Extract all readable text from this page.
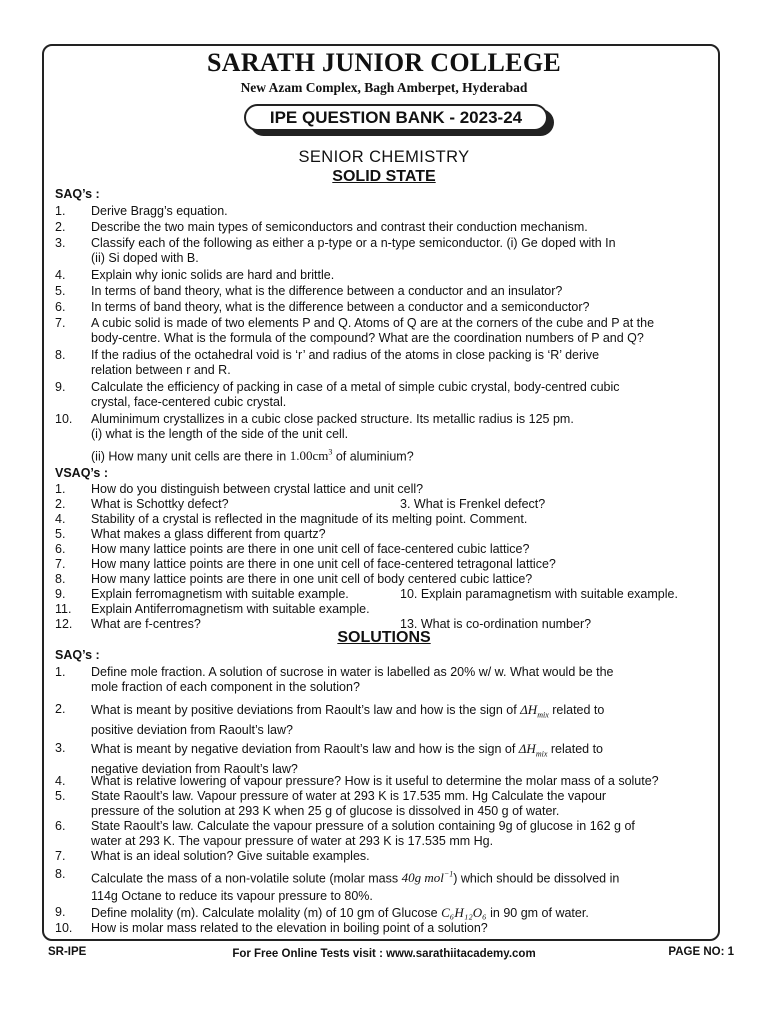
SARATH JUNIOR COLLEGE
New Azam Complex, Bagh Amberpet, Hyderabad
IPE QUESTION BANK - 2023-24
SENIOR CHEMISTRY
SOLID STATE
SAQ’s :
1. Derive Bragg’s equation.
2. Describe the two main types of semiconductors and contrast their conduction mechanism.
3. Classify each of the following as either a p-type or a n-type semiconductor. (i) Ge doped with In
(ii) Si doped with B.
4. Explain why ionic solids are hard and brittle.
5. In terms of band theory, what is the difference between a conductor and an insulator?
6. In terms of band theory, what is the difference between a conductor and a semiconductor?
7. A cubic solid is made of two elements P and Q. Atoms of Q are at the corners of the cube and P at the
body-centre. What is the formula of the compound? What are the coordination numbers of P and Q?
8. If the radius of the octahedral void is ‘r’ and radius of the atoms in close packing is ‘R’ derive
relation between r and R.
9. Calculate the efficiency of packing in case of a metal of simple cubic crystal, body-centred cubic
crystal, face-centered cubic crystal.
10. Aluminimum crystallizes in a cubic close packed structure. Its metallic radius is 125 pm.
(i) what is the length of the side of the unit cell.
(ii) How many unit cells are there in $1.00cm^3$ of aluminium?
VSAQ’s :
1. How do you distinguish between crystal lattice and unit cell?
2. What is Schottky defect?	3. What is Frenkel defect?
4. Stability of a crystal is reflected in the magnitude of its melting point. Comment.
5. What makes a glass different from quartz?
6. How many lattice points are there in one unit cell of face-centered cubic lattice?
7. How many lattice points are there in one unit cell of face-centered tetragonal lattice?
8. How many lattice points are there in one unit cell of body centered cubic lattice?
9. Explain ferromagnetism with suitable example.	10. Explain paramagnetism with suitable example.
11. Explain Antiferromagnetism with suitable example.
12. What are f-centres?	13. What is co-ordination number?
SOLUTIONS
SAQ’s :
1. Define mole fraction. A solution of sucrose in water is labelled as 20% w/ w. What would be the
mole fraction of each component in the solution?
2. What is meant by positive deviations from Raoult’s law and how is the sign of $\Delta H_{mix}$ related to
positive deviation from Raoult’s law?
3. What is meant by negative deviation from Raoult’s law and how is the sign of $\Delta H_{mix}$ related to
negative deviation from Raoult’s law?
4. What is relative lowering of vapour pressure? How is it useful to determine the molar mass of a solute?
5. State Raoult’s law. Vapour pressure of water at 293 K is 17.535 mm. Hg Calculate the vapour
pressure of the solution at 293 K when 25 g of glucose is dissolved in 450 g of water.
6. State Raoult’s law. Calculate the vapour pressure of a solution containing 9g of glucose in 162 g of
water at 293 K. The vapour pressure of water at 293 K is 17.535 mm Hg.
7. What is an ideal solution? Give suitable examples.
8. Calculate the mass of a non-volatile solute (molar mass 40g mol$^{-1}$) which should be dissolved in
114g Octane to reduce its vapour pressure to 80%.
9. Define molality (m). Calculate molality (m) of 10 gm of Glucose C₆H₁₂O₆ in 90 gm of water.
10. How is molar mass related to the elevation in boiling point of a solution?
SR-IPE	For Free Online Tests visit : www.sarathiitacademy.com	PAGE NO: 1
